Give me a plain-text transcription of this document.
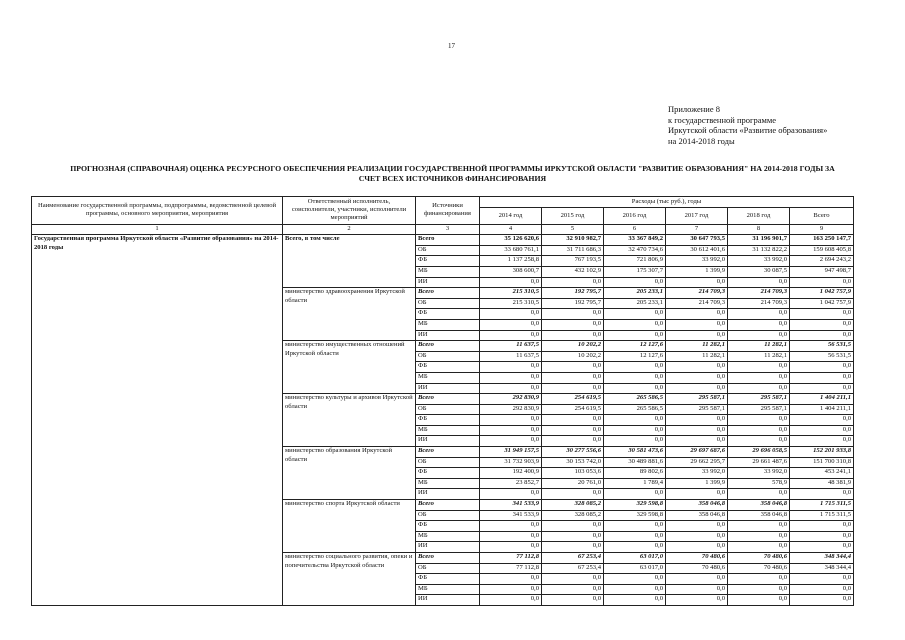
17
Приложение 8
к государственной программе
Иркутской области «Развитие образования»
на 2014-2018 годы
ПРОГНОЗНАЯ (СПРАВОЧНАЯ) ОЦЕНКА РЕСУРСНОГО ОБЕСПЕЧЕНИЯ РЕАЛИЗАЦИИ ГОСУДАРСТВЕННОЙ ПРОГРАММЫ ИРКУТСКОЙ ОБЛАСТИ "РАЗВИТИЕ ОБРАЗОВАНИЯ" НА 2014-2018 ГОДЫ ЗА
СЧЕТ ВСЕХ ИСТОЧНИКОВ ФИНАНСИРОВАНИЯ
Наименование государственной программы, подпрограммы, ведомственной целевой программы, основного мероприятия, мероприятия	Ответственный исполнитель, соисполнители, участники, исполнители мероприятий	Источники финансирования	Расходы (тыс руб.), годы					
			2014 год	2015 год	2016 год	2017 год	2018 год	Всего
1	2	3	4	5	6	7	8	9
Государственная программа Иркутской области «Развитие образования» на 2014-2018 годы	Всего, в том числе	Всего	35 126 620,6	32 910 982,7	33 367 849,2	30 647 793,5	31 196 901,7	163 250 147,7
		ОБ	33 680 761,1	31 711 686,3	32 470 734,6	30 612 401,6	31 132 822,2	159 608 405,8
		ФБ	1 137 258,8	767 193,5	721 806,9	33 992,0	33 992,0	2 694 243,2
		МБ	308 600,7	432 102,9	175 307,7	1 399,9	30 087,5	947 498,7
		ИИ	0,0	0,0	0,0	0,0	0,0	0,0
	министерство здравоохранения Иркутской области	Всего	215 310,5	192 795,7	205 233,1	214 709,3	214 709,3	1 042 757,9
		ОБ	215 310,5	192 795,7	205 233,1	214 709,3	214 709,3	1 042 757,9
		ФБ	0,0	0,0	0,0	0,0	0,0	0,0
		МБ	0,0	0,0	0,0	0,0	0,0	0,0
		ИИ	0,0	0,0	0,0	0,0	0,0	0,0
	министерство имущественных отношений Иркутской области	Всего	11 637,5	10 202,2	12 127,6	11 282,1	11 282,1	56 531,5
		ОБ	11 637,5	10 202,2	12 127,6	11 282,1	11 282,1	56 531,5
		ФБ	0,0	0,0	0,0	0,0	0,0	0,0
		МБ	0,0	0,0	0,0	0,0	0,0	0,0
		ИИ	0,0	0,0	0,0	0,0	0,0	0,0
	министерство культуры и архивов Иркутской области	Всего	292 830,9	254 619,5	265 586,5	295 587,1	295 587,1	1 404 211,1
		ОБ	292 830,9	254 619,5	265 586,5	295 587,1	295 587,1	1 404 211,1
		ФБ	0,0	0,0	0,0	0,0	0,0	0,0
		МБ	0,0	0,0	0,0	0,0	0,0	0,0
		ИИ	0,0	0,0	0,0	0,0	0,0	0,0
	министерство образования Иркутской области	Всего	31 949 157,5	30 277 556,6	30 581 473,6	29 697 687,6	29 696 058,5	152 201 933,8
		ОБ	31 732 903,9	30 153 742,0	30 489 881,6	29 662 295,7	29 661 487,6	151 700 310,8
		ФБ	192 400,9	103 053,6	89 802,6	33 992,0	33 992,0	453 241,1
		МБ	23 852,7	20 761,0	1 789,4	1 399,9	578,9	48 381,9
		ИИ	0,0	0,0	0,0	0,0	0,0	0,0
	министерство спорта Иркутской области	Всего	341 533,9	328 085,2	329 598,8	358 046,8	358 046,8	1 715 311,5
		ОБ	341 533,9	328 085,2	329 598,8	358 046,8	358 046,8	1 715 311,5
		ФБ	0,0	0,0	0,0	0,0	0,0	0,0
		МБ	0,0	0,0	0,0	0,0	0,0	0,0
		ИИ	0,0	0,0	0,0	0,0	0,0	0,0
	министерство социального развития, опеки и попечительства Иркутской области	Всего	77 112,8	67 253,4	63 017,0	70 480,6	70 480,6	348 344,4
		ОБ	77 112,8	67 253,4	63 017,0	70 480,6	70 480,6	348 344,4
		ФБ	0,0	0,0	0,0	0,0	0,0	0,0
		МБ	0,0	0,0	0,0	0,0	0,0	0,0
		ИИ	0,0	0,0	0,0	0,0	0,0	0,0
